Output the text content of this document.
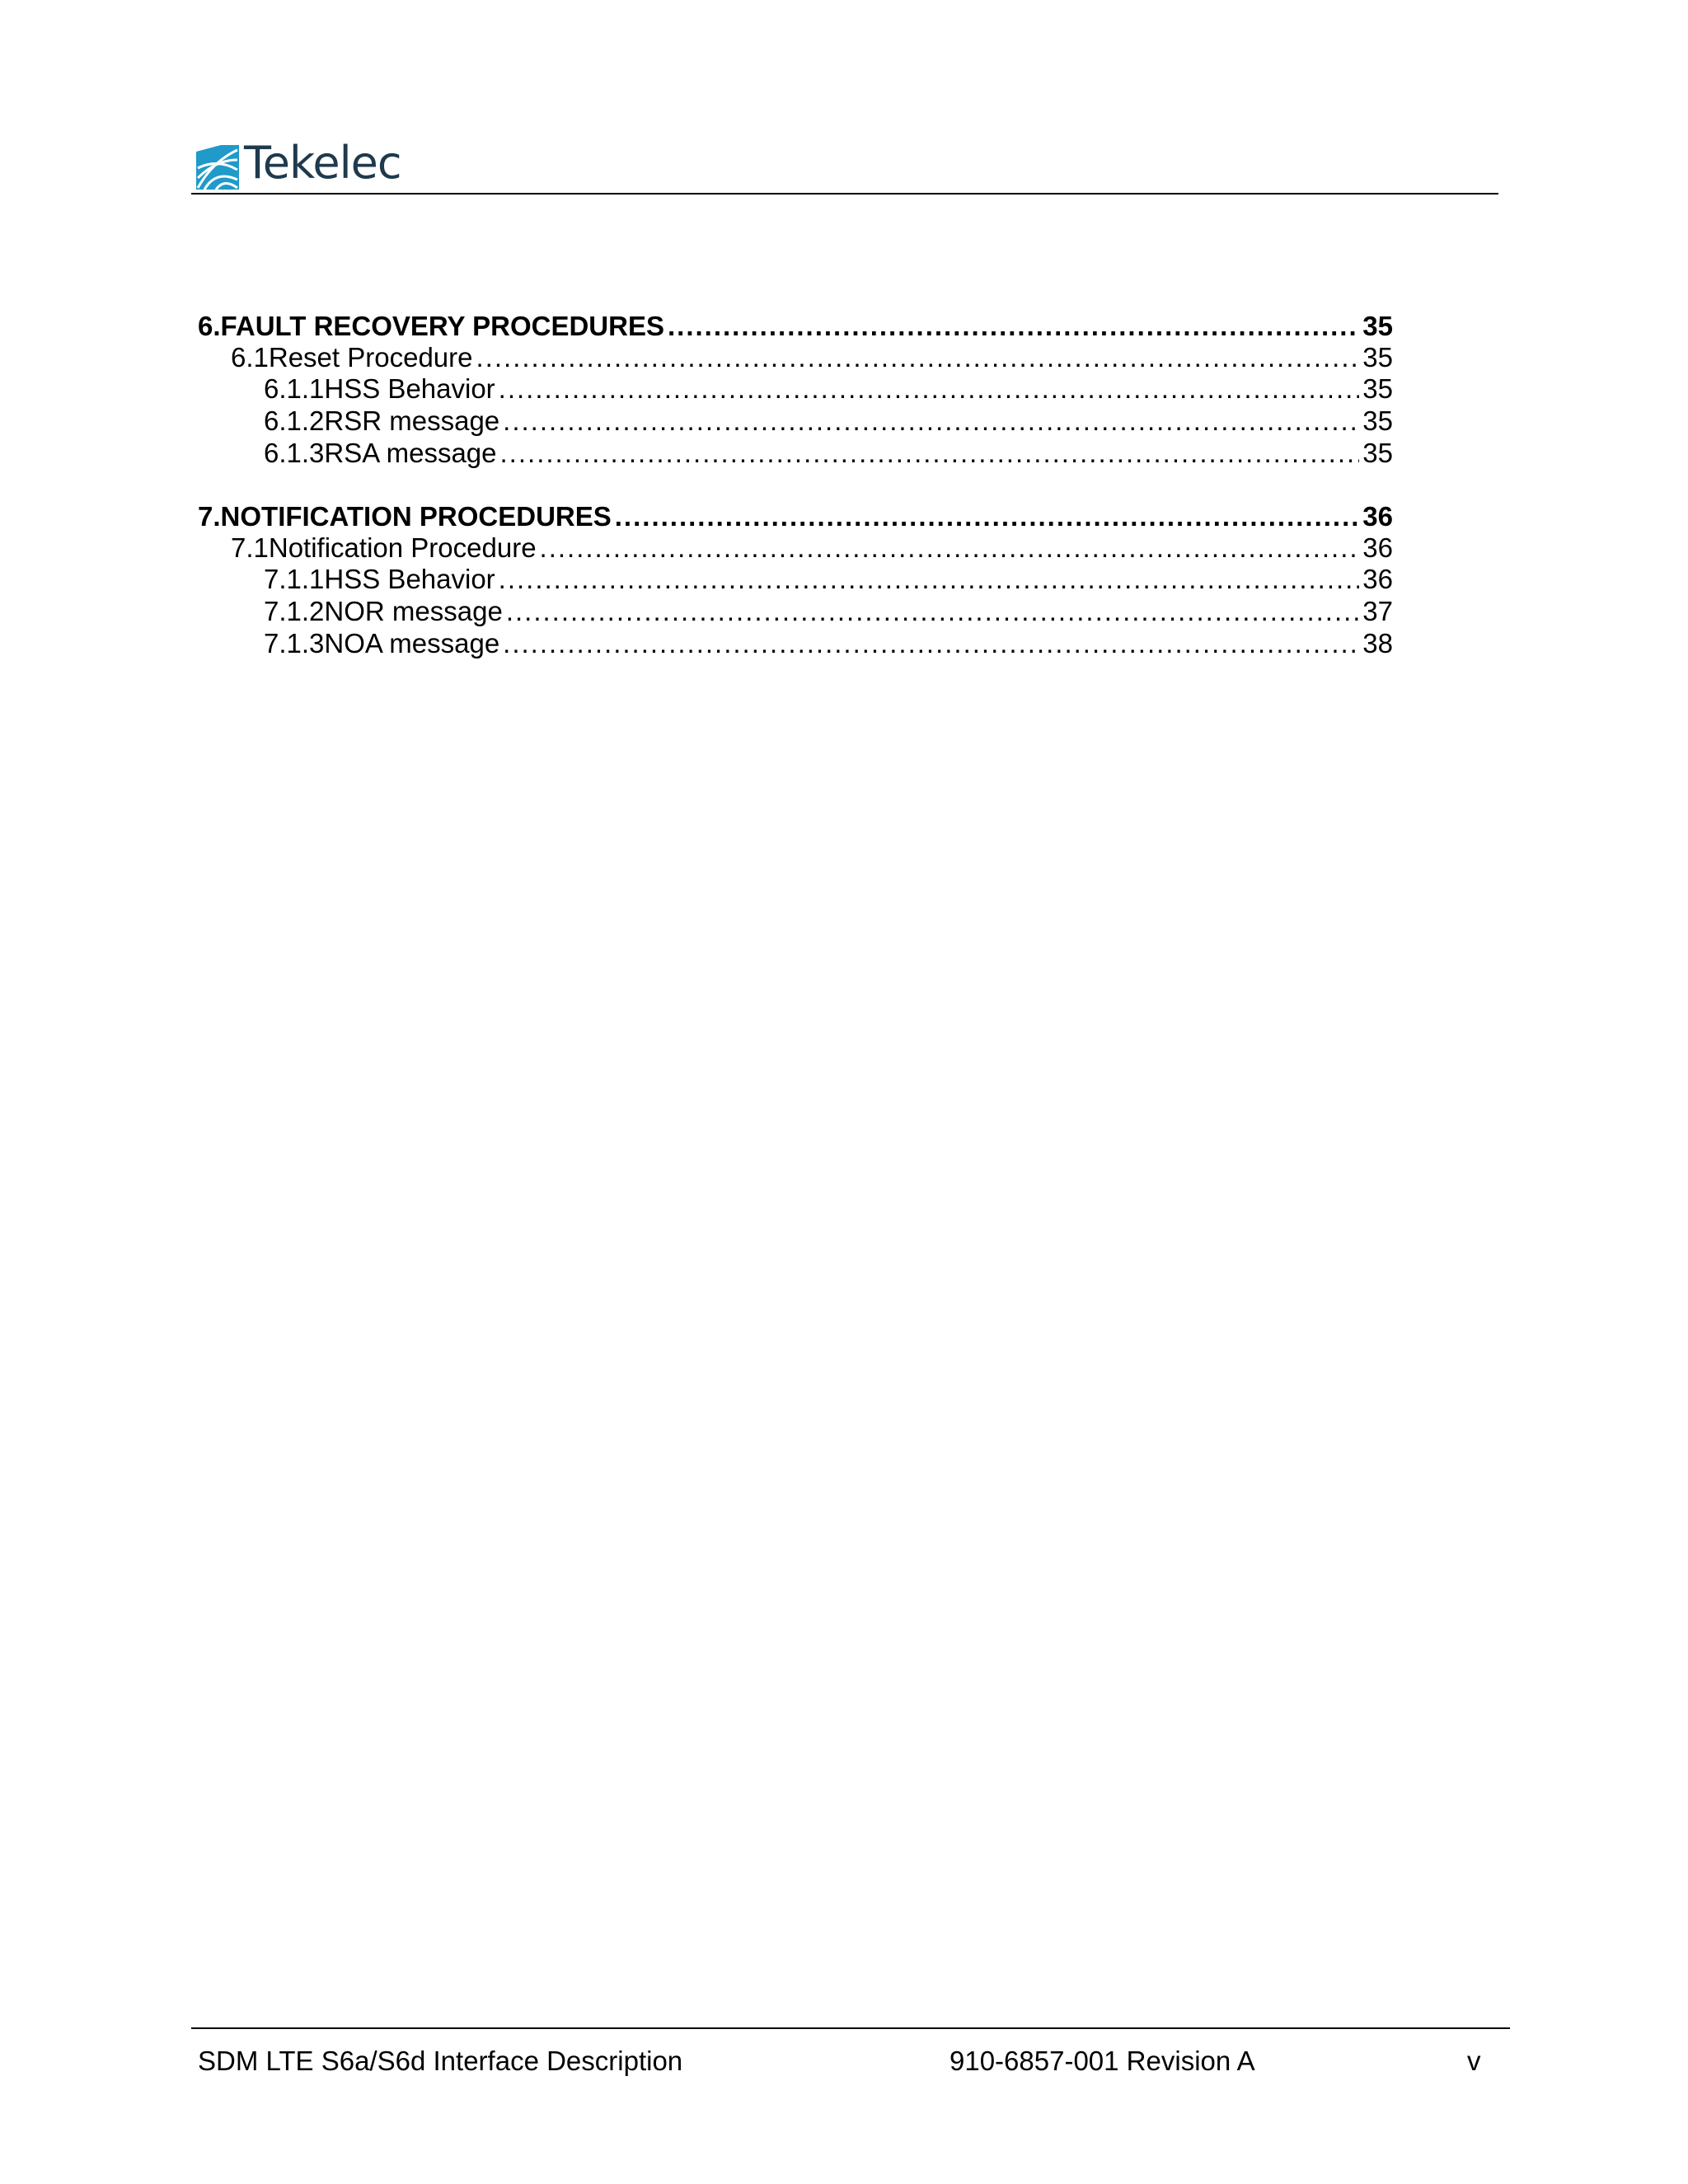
Tekelec
6. FAULT RECOVERY PROCEDURES .....	35
6.1 Reset Procedure .....	35
6.1.1 HSS Behavior .....	35
6.1.2 RSR message .....	35
6.1.3 RSA message .....	35
7. NOTIFICATION PROCEDURES .....	36
7.1 Notification Procedure .....	36
7.1.1 HSS Behavior .....	36
7.1.2 NOR message .....	37
7.1.3 NOA message .....	38
SDM LTE S6a/S6d Interface Description	910-6857-001 Revision A	v
